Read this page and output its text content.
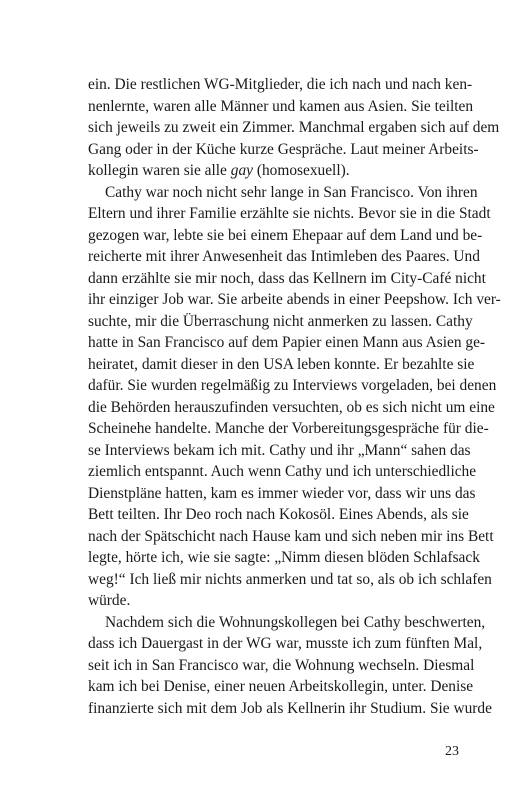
ein. Die restlichen WG-Mitglieder, die ich nach und nach ken-
nenlernte, waren alle Männer und kamen aus Asien. Sie teilten
sich jeweils zu zweit ein Zimmer. Manchmal ergaben sich auf dem
Gang oder in der Küche kurze Gespräche. Laut meiner Arbeits-
kollegin waren sie alle gay (homosexuell).
Cathy war noch nicht sehr lange in San Francisco. Von ihren
Eltern und ihrer Familie erzählte sie nichts. Bevor sie in die Stadt
gezogen war, lebte sie bei einem Ehepaar auf dem Land und be-
reicherte mit ihrer Anwesenheit das Intimleben des Paares. Und
dann erzählte sie mir noch, dass das Kellnern im City-Café nicht
ihr einziger Job war. Sie arbeite abends in einer Peepshow. Ich ver-
suchte, mir die Überraschung nicht anmerken zu lassen. Cathy
hatte in San Francisco auf dem Papier einen Mann aus Asien ge-
heiratet, damit dieser in den USA leben konnte. Er bezahlte sie
dafür. Sie wurden regelmäßig zu Interviews vorgeladen, bei denen
die Behörden herauszufinden versuchten, ob es sich nicht um eine
Scheinehe handelte. Manche der Vorbereitungsgespräche für die-
se Interviews bekam ich mit. Cathy und ihr „Mann“ sahen das
ziemlich entspannt. Auch wenn Cathy und ich unterschiedliche
Dienstpläne hatten, kam es immer wieder vor, dass wir uns das
Bett teilten. Ihr Deo roch nach Kokosöl. Eines Abends, als sie
nach der Spätschicht nach Hause kam und sich neben mir ins Bett
legte, hörte ich, wie sie sagte: „Nimm diesen blöden Schlafsack
weg!“ Ich ließ mir nichts anmerken und tat so, als ob ich schlafen
würde.
Nachdem sich die Wohnungskollegen bei Cathy beschwerten,
dass ich Dauergast in der WG war, musste ich zum fünften Mal,
seit ich in San Francisco war, die Wohnung wechseln. Diesmal
kam ich bei Denise, einer neuen Arbeitskollegin, unter. Denise
finanzierte sich mit dem Job als Kellnerin ihr Studium. Sie wurde
23
